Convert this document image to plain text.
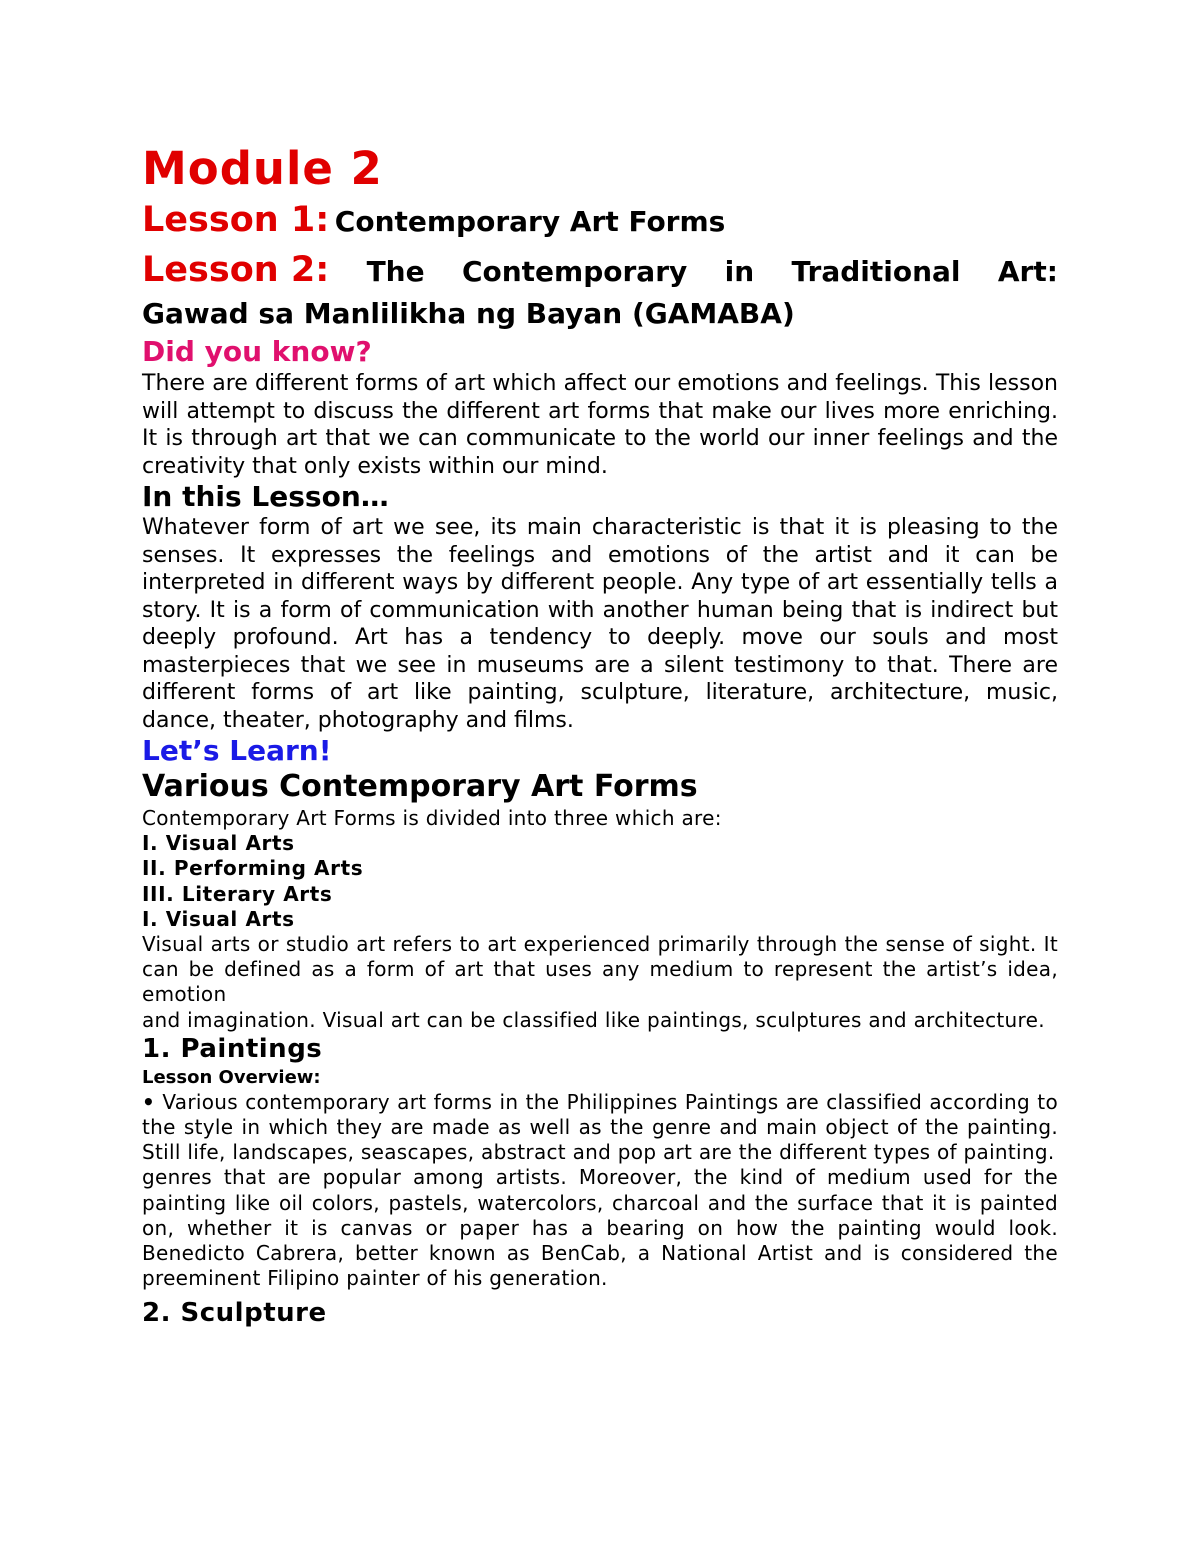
Module 2
Lesson 1: Contemporary Art Forms
Lesson 2: The Contemporary in Traditional Art:
Gawad sa Manlilikha ng Bayan (GAMABA)
Did you know?
There are different forms of art which affect our emotions and feelings. This lesson will attempt to discuss the different art forms that make our lives more enriching. It is through art that we can communicate to the world our inner feelings and the creativity that only exists within our mind.
In this Lesson…
Whatever form of art we see, its main characteristic is that it is pleasing to the senses. It expresses the feelings and emotions of the artist and it can be interpreted in different ways by different people. Any type of art essentially tells a story. It is a form of communication with another human being that is indirect but deeply profound. Art has a tendency to deeply. move our souls and most masterpieces that we see in museums are a silent testimony to that. There are different forms of art like painting, sculpture, literature, architecture, music, dance, theater, photography and films.
Let’s Learn!
Various Contemporary Art Forms
Contemporary Art Forms is divided into three which are:
I. Visual Arts
II. Performing Arts
III. Literary Arts
I. Visual Arts
Visual arts or studio art refers to art experienced primarily through the sense of sight. It can be defined as a form of art that uses any medium to represent the artist’s idea, emotion
and imagination. Visual art can be classified like paintings, sculptures and architecture.
1. Paintings
Lesson Overview:
• Various contemporary art forms in the Philippines Paintings are classified according to the style in which they are made as well as the genre and main object of the painting. Still life, landscapes, seascapes, abstract and pop art are the different types of painting.
genres that are popular among artists. Moreover, the kind of medium used for the painting like oil colors, pastels, watercolors, charcoal and the surface that it is painted on, whether it is canvas or paper has a bearing on how the painting would look. Benedicto Cabrera, better known as BenCab, a National Artist and is considered the preeminent Filipino painter of his generation.
2. Sculpture
